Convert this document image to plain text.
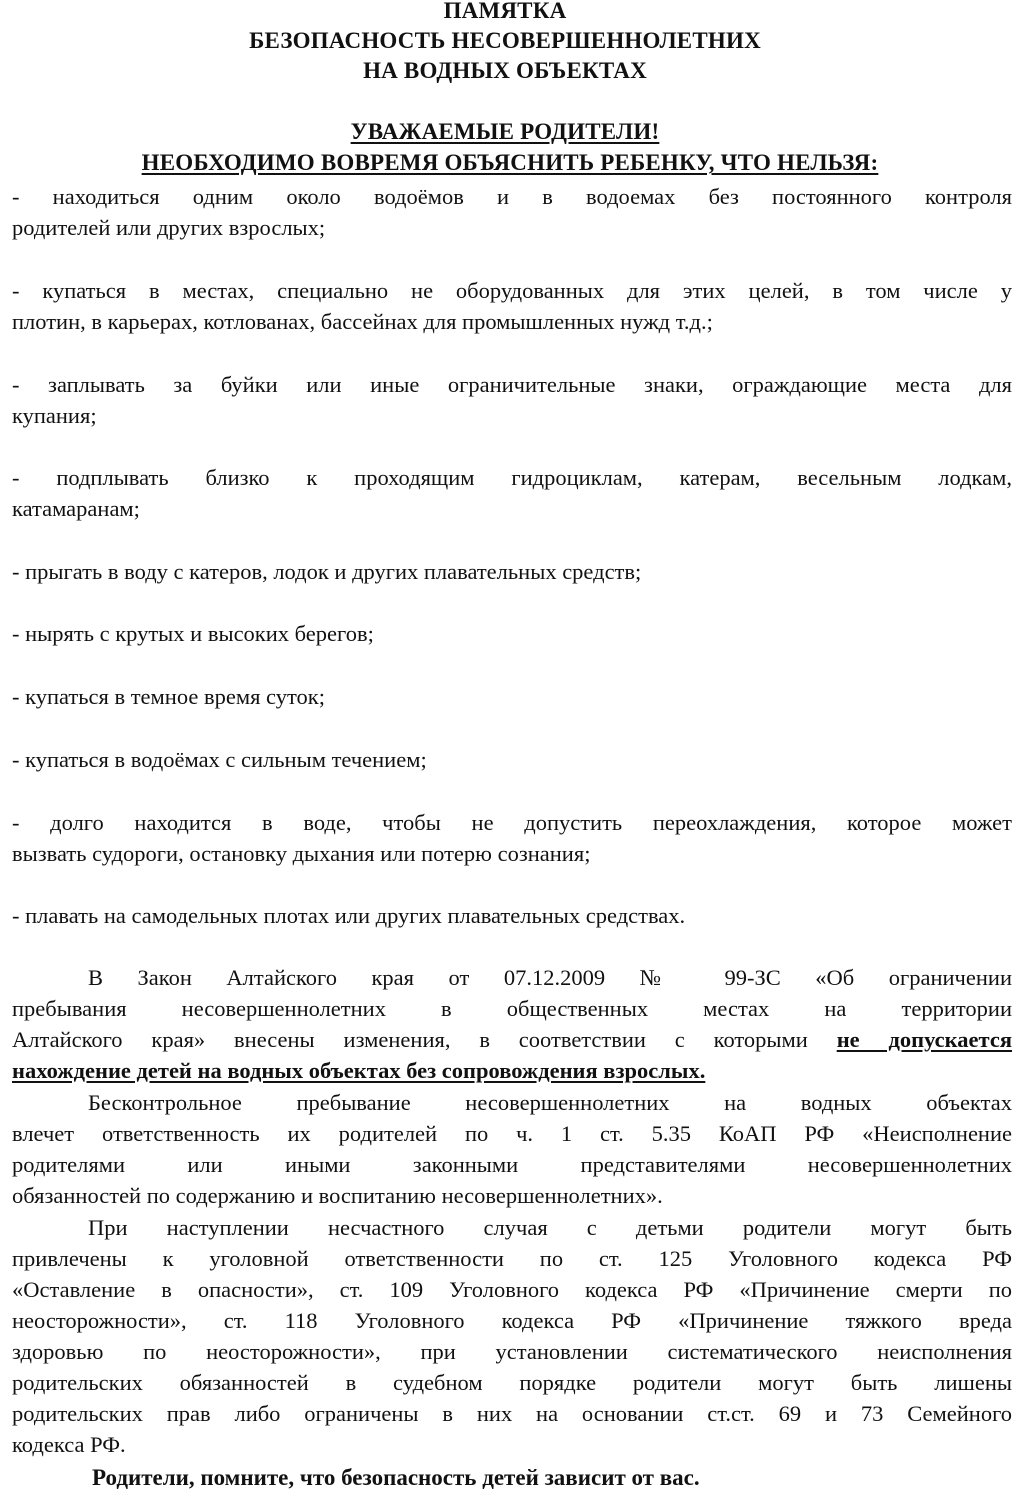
ПАМЯТКА
БЕЗОПАСНОСТЬ НЕСОВЕРШЕННОЛЕТНИХ
НА ВОДНЫХ ОБЪЕКТАХ
УВАЖАЕМЫЕ РОДИТЕЛИ!
НЕОБХОДИМО ВОВРЕМЯ ОБЪЯСНИТЬ РЕБЕНКУ, ЧТО НЕЛЬЗЯ:
- находиться одним около водоёмов и в водоемах без постоянного контроля
родителей или других взрослых;
- купаться в местах, специально не оборудованных для этих целей, в том числе у
плотин, в карьерах, котлованах, бассейнах для промышленных нужд т.д.;
- заплывать за буйки или иные ограничительные знаки, ограждающие места для
купания;
- подплывать близко к проходящим гидроциклам, катерам, весельным лодкам,
катамаранам;
- прыгать в воду с катеров, лодок и других плавательных средств;
- нырять с крутых и высоких берегов;
- купаться в темное время суток;
- купаться в водоёмах с сильным течением;
- долго находится в воде, чтобы не допустить переохлаждения, которое может
вызвать судороги, остановку дыхания или потерю сознания;
- плавать на самодельных плотах или других плавательных средствах.
В Закон Алтайского края от 07.12.2009 № 99-ЗС «Об ограничении
пребывания несовершеннолетних в общественных местах на территории
Алтайского края» внесены изменения, в соответствии с которыми не допускается
нахождение детей на водных объектах без сопровождения взрослых.
Бесконтрольное пребывание несовершеннолетних на водных объектах
влечет ответственность их родителей по ч. 1 ст. 5.35 КоАП РФ «Неисполнение
родителями или иными законными представителями несовершеннолетних
обязанностей по содержанию и воспитанию несовершеннолетних».
При наступлении несчастного случая с детьми родители могут быть
привлечены к уголовной ответственности по ст. 125 Уголовного кодекса РФ
«Оставление в опасности», ст. 109 Уголовного кодекса РФ «Причинение смерти по
неосторожности», ст. 118 Уголовного кодекса РФ «Причинение тяжкого вреда
здоровью по неосторожности», при установлении систематического неисполнения
родительских обязанностей в судебном порядке родители могут быть лишены
родительских прав либо ограничены в них на основании ст.ст. 69 и 73 Семейного
кодекса РФ.
Родители, помните, что безопасность детей зависит от вас.
